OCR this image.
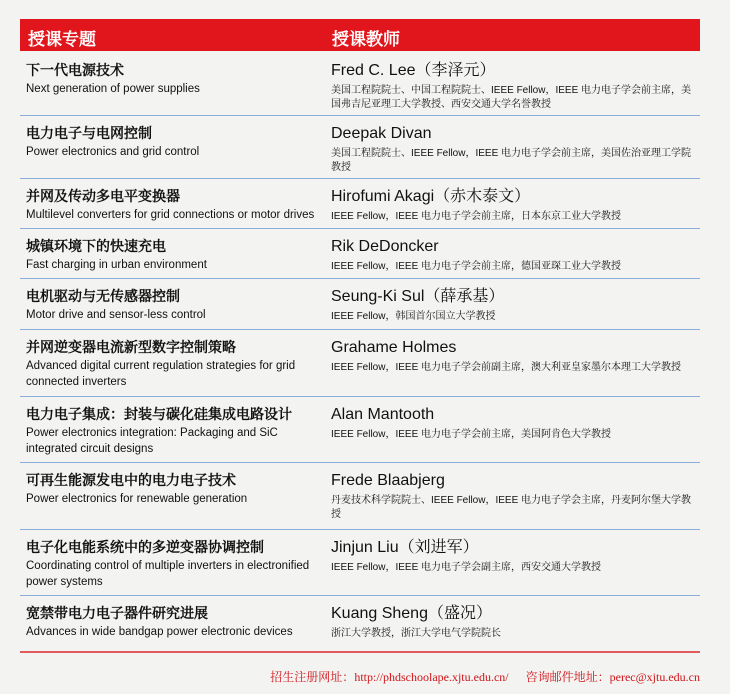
授课专题	授课教师
下一代电源技术
Next generation of power supplies
Fred C. Lee（李泽元）
美国工程院院士、中国工程院院士、IEEE Fellow，IEEE 电力电子学会前主席，美国弗吉尼亚理工大学教授、西安交通大学名誉教授
电力电子与电网控制
Power electronics and grid control
Deepak Divan
美国工程院院士、IEEE Fellow，IEEE 电力电子学会前主席，美国佐治亚理工学院教授
并网及传动多电平变换器
Multilevel converters for grid connections or motor drives
Hirofumi Akagi（赤木泰文）
IEEE Fellow，IEEE 电力电子学会前主席，日本东京工业大学教授
城镇环境下的快速充电
Fast charging in urban environment
Rik DeDoncker
IEEE Fellow，IEEE 电力电子学会前主席，德国亚琛工业大学教授
电机驱动与无传感器控制
Motor drive and sensor-less control
Seung-Ki Sul（薛承基）
IEEE Fellow，韩国首尔国立大学教授
并网逆变器电流新型数字控制策略
Advanced digital current regulation strategies for grid connected inverters
Grahame Holmes
IEEE Fellow，IEEE 电力电子学会前副主席，澳大利亚皇家墨尔本理工大学教授
电力电子集成：封装与碳化硅集成电路设计
Power electronics integration: Packaging and SiC integrated circuit designs
Alan Mantooth
IEEE Fellow，IEEE 电力电子学会前主席，美国阿肯色大学教授
可再生能源发电中的电力电子技术
Power electronics for renewable generation
Frede Blaabjerg
丹麦技术科学院院士、IEEE Fellow，IEEE 电力电子学会主席，丹麦阿尔堡大学教授
电子化电能系统中的多逆变器协调控制
Coordinating control of multiple inverters in electronified power systems
Jinjun Liu（刘进军）
IEEE Fellow，IEEE 电力电子学会副主席，西安交通大学教授
宽禁带电力电子器件研究进展
Advances in wide bandgap power electronic devices
Kuang Sheng（盛况）
浙江大学教授，浙江大学电气学院院长
招生注册网址：http://phdschoolape.xjtu.edu.cn/ 咨询邮件地址：perec@xjtu.edu.cn
